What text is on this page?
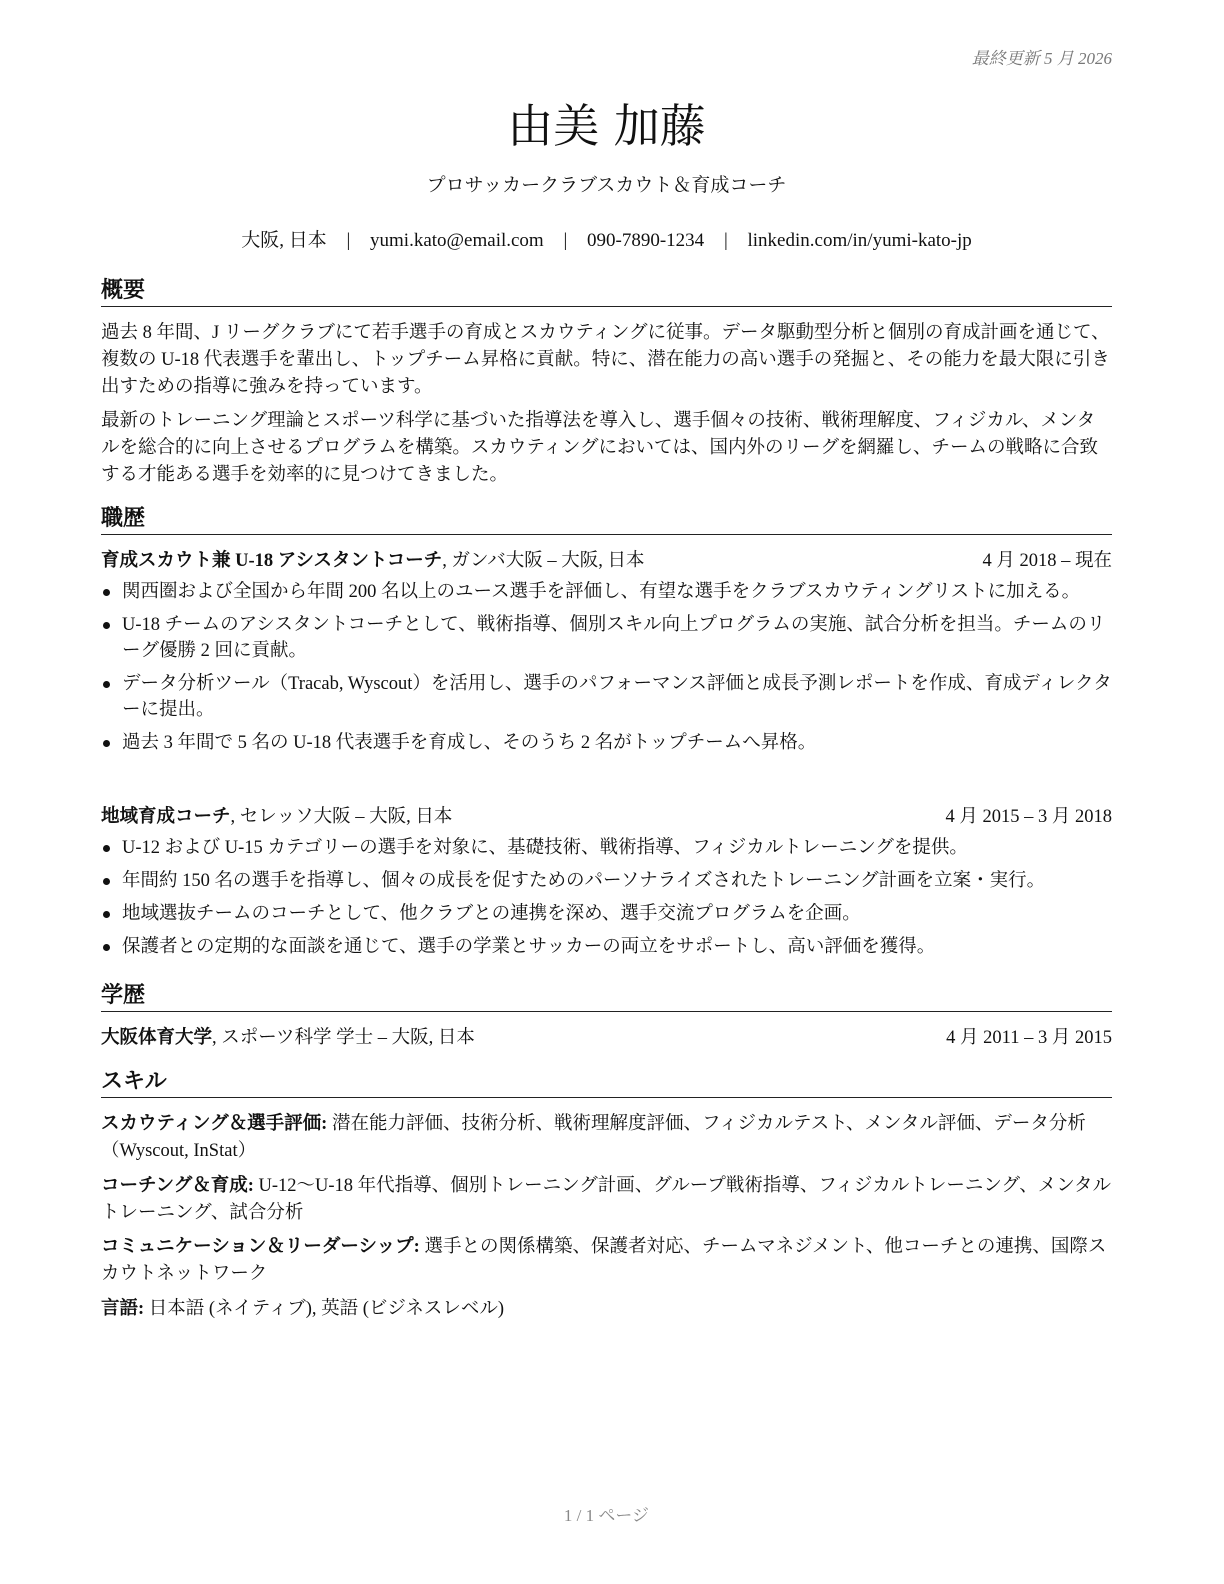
最終更新 5 月 2026
由美 加藤
プロサッカークラブスカウト＆育成コーチ
大阪, 日本 | yumi.kato@email.com | 090-7890-1234 | linkedin.com/in/yumi-kato-jp
概要
過去 8 年間、J リーグクラブにて若手選手の育成とスカウティングに従事。データ駆動型分析と個別の育成計画を通じて、複数の U-18 代表選手を輩出し、トップチーム昇格に貢献。特に、潜在能力の高い選手の発掘と、その能力を最大限に引き出すための指導に強みを持っています。
最新のトレーニング理論とスポーツ科学に基づいた指導法を導入し、選手個々の技術、戦術理解度、フィジカル、メンタルを総合的に向上させるプログラムを構築。スカウティングにおいては、国内外のリーグを網羅し、チームの戦略に合致する才能ある選手を効率的に見つけてきました。
職歴
育成スカウト兼 U-18 アシスタントコーチ, ガンバ大阪 – 大阪, 日本	4 月 2018 – 現在
関西圏および全国から年間 200 名以上のユース選手を評価し、有望な選手をクラブスカウティングリストに加える。
U-18 チームのアシスタントコーチとして、戦術指導、個別スキル向上プログラムの実施、試合分析を担当。チームのリーグ優勝 2 回に貢献。
データ分析ツール（Tracab, Wyscout）を活用し、選手のパフォーマンス評価と成長予測レポートを作成、育成ディレクターに提出。
過去 3 年間で 5 名の U-18 代表選手を育成し、そのうち 2 名がトップチームへ昇格。
地域育成コーチ, セレッソ大阪 – 大阪, 日本	4 月 2015 – 3 月 2018
U-12 および U-15 カテゴリーの選手を対象に、基礎技術、戦術指導、フィジカルトレーニングを提供。
年間約 150 名の選手を指導し、個々の成長を促すためのパーソナライズされたトレーニング計画を立案・実行。
地域選抜チームのコーチとして、他クラブとの連携を深め、選手交流プログラムを企画。
保護者との定期的な面談を通じて、選手の学業とサッカーの両立をサポートし、高い評価を獲得。
学歴
大阪体育大学, スポーツ科学 学士 – 大阪, 日本	4 月 2011 – 3 月 2015
スキル
スカウティング＆選手評価: 潜在能力評価、技術分析、戦術理解度評価、フィジカルテスト、メンタル評価、データ分析（Wyscout, InStat）
コーチング＆育成: U-12〜U-18 年代指導、個別トレーニング計画、グループ戦術指導、フィジカルトレーニング、メンタルトレーニング、試合分析
コミュニケーション＆リーダーシップ: 選手との関係構築、保護者対応、チームマネジメント、他コーチとの連携、国際スカウトネットワーク
言語: 日本語 (ネイティブ), 英語 (ビジネスレベル)
1 / 1 ページ
